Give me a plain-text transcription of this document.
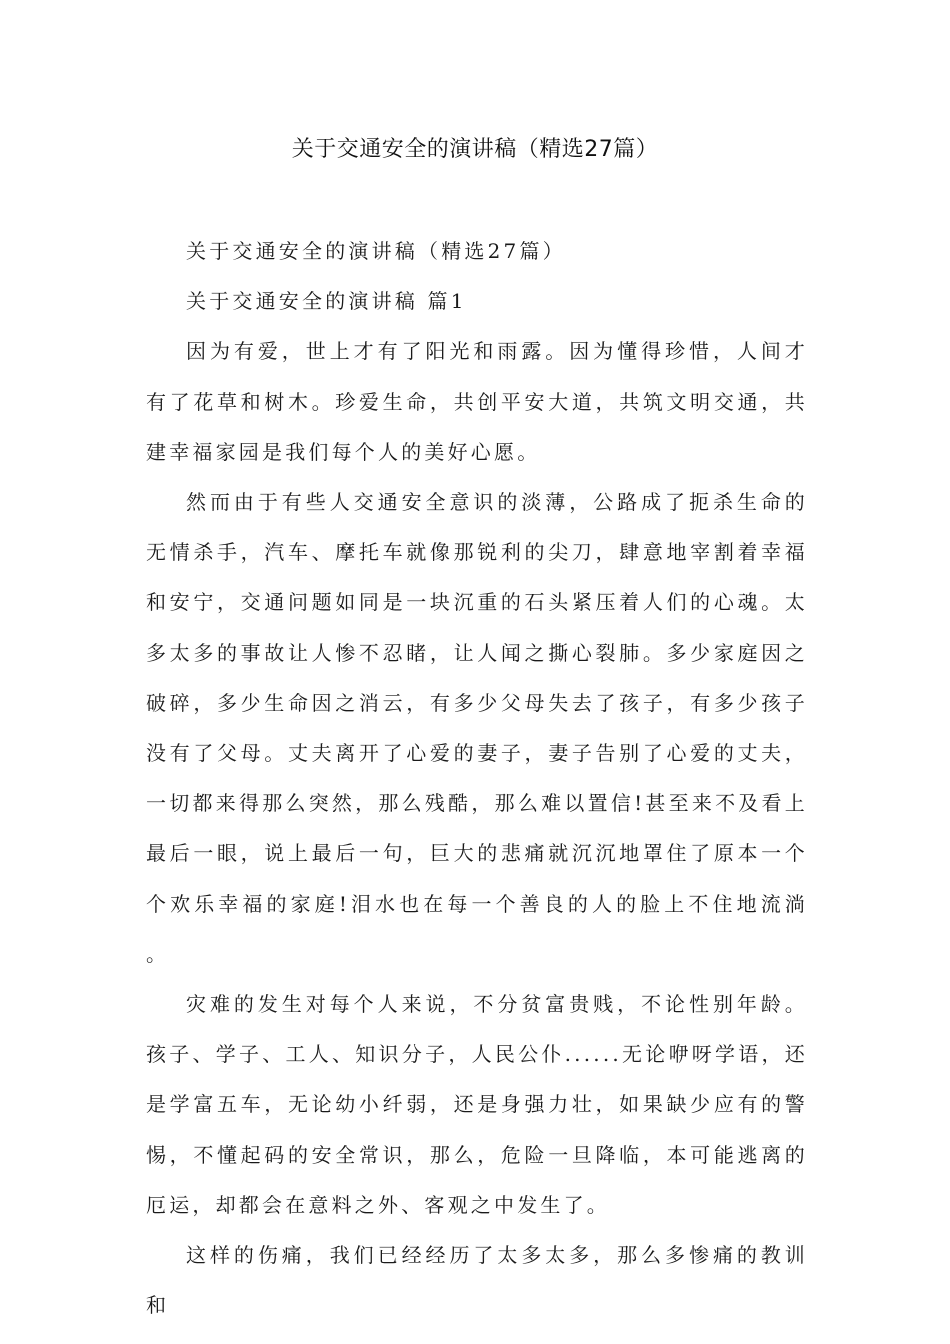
关于交通安全的演讲稿（精选27篇）

关于交通安全的演讲稿（精选27篇）

关于交通安全的演讲稿 篇1

因为有爱，世上才有了阳光和雨露。因为懂得珍惜，人间才有了花草和树木。珍爱生命，共创平安大道，共筑文明交通，共建幸福家园是我们每个人的美好心愿。

然而由于有些人交通安全意识的淡薄，公路成了扼杀生命的无情杀手，汽车、摩托车就像那锐利的尖刀，肆意地宰割着幸福和安宁，交通问题如同是一块沉重的石头紧压着人们的心魂。太多太多的事故让人惨不忍睹，让人闻之撕心裂肺。多少家庭因之破碎，多少生命因之消云，有多少父母失去了孩子，有多少孩子没有了父母。丈夫离开了心爱的妻子，妻子告别了心爱的丈夫，一切都来得那么突然，那么残酷，那么难以置信!甚至来不及看上最后一眼，说上最后一句，巨大的悲痛就沉沉地罩住了原本一个个欢乐幸福的家庭!泪水也在每一个善良的人的脸上不住地流淌 。

灾难的发生对每个人来说，不分贫富贵贱，不论性别年龄。孩子、学子、工人、知识分子，人民公仆......无论咿呀学语，还是学富五车，无论幼小纤弱，还是身强力壮，如果缺少应有的警惕，不懂起码的安全常识，那么，危险一旦降临，本可能逃离的厄运，却都会在意料之外、客观之中发生了。

这样的伤痛，我们已经经历了太多太多，那么多惨痛的教训和
